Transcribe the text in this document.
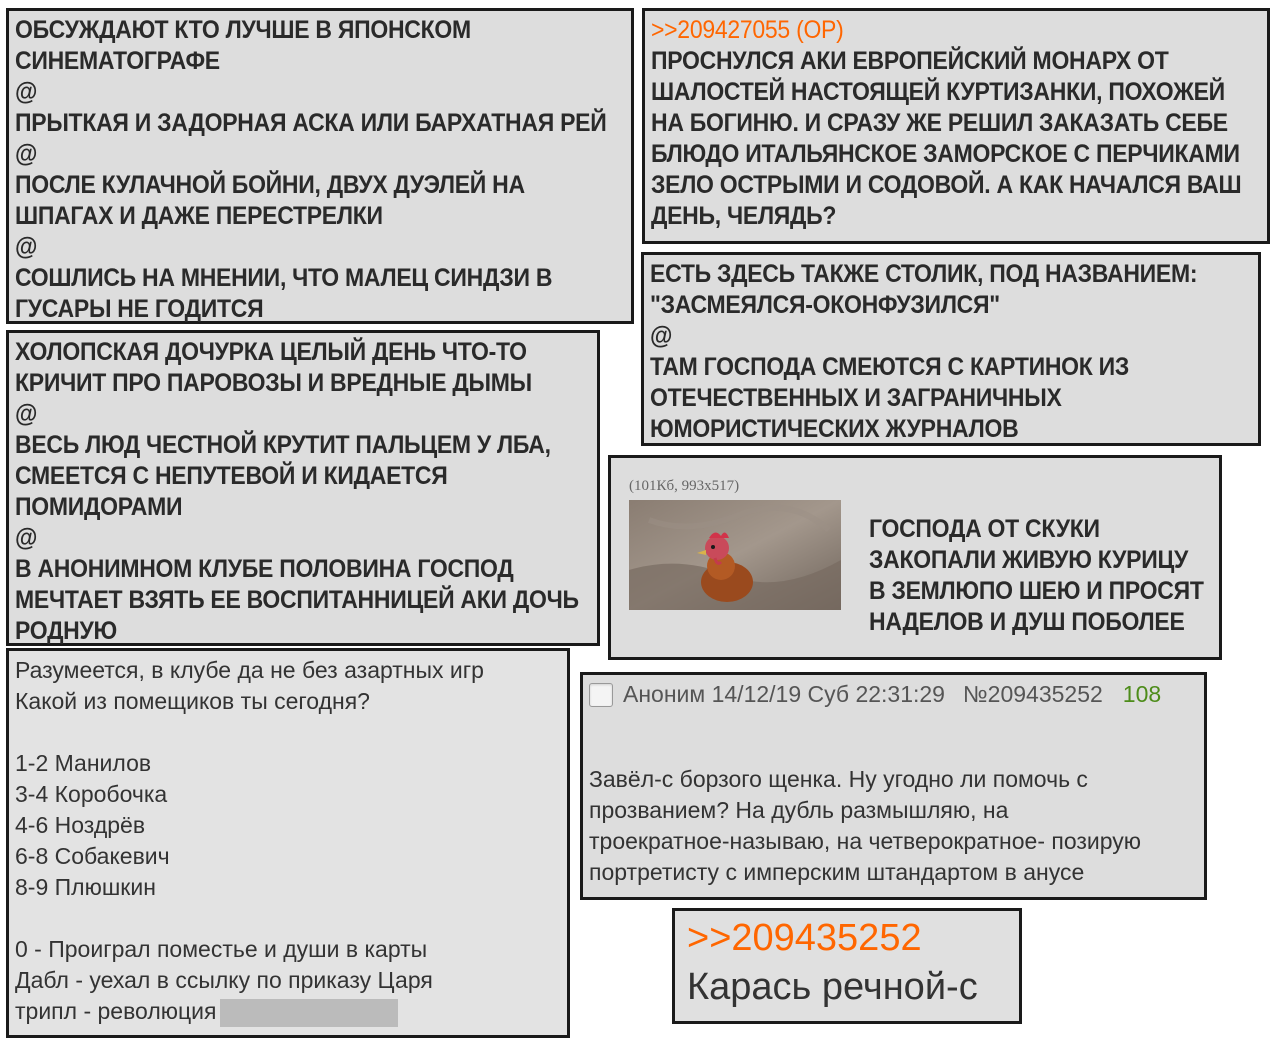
ОБСУЖДАЮТ КТО ЛУЧШЕ В ЯПОНСКОМ
СИНЕМАТОГРАФЕ
@
ПРЫТКАЯ И ЗАДОРНАЯ АСКА ИЛИ БАРХАТНАЯ РЕЙ
@
ПОСЛЕ КУЛАЧНОЙ БОЙНИ, ДВУХ ДУЭЛЕЙ НА
ШПАГАХ И ДАЖЕ ПЕРЕСТРЕЛКИ
@
СОШЛИСЬ НА МНЕНИИ, ЧТО МАЛЕЦ СИНДЗИ В
ГУСАРЫ НЕ ГОДИТСЯ
>>209427055 (OP)
ПРОСНУЛСЯ АКИ ЕВРОПЕЙСКИЙ МОНАРХ ОТ
ШАЛОСТЕЙ НАСТОЯЩЕЙ КУРТИЗАНКИ, ПОХОЖЕЙ
НА БОГИНЮ. И СРАЗУ ЖЕ РЕШИЛ ЗАКАЗАТЬ СЕБЕ
БЛЮДО ИТАЛЬЯНСКОЕ ЗАМОРСКОЕ С ПЕРЧИКАМИ
ЗЕЛО ОСТРЫМИ И СОДОВОЙ. А КАК НАЧАЛСЯ ВАШ
ДЕНЬ, ЧЕЛЯДЬ?
ЕСТЬ ЗДЕСЬ ТАКЖЕ СТОЛИК, ПОД НАЗВАНИЕМ:
"ЗАСМЕЯЛСЯ-ОКОНФУЗИЛСЯ"
@
ТАМ ГОСПОДА СМЕЮТСЯ С КАРТИНОК ИЗ
ОТЕЧЕСТВЕННЫХ И ЗАГРАНИЧНЫХ
ЮМОРИСТИЧЕСКИХ ЖУРНАЛОВ
ХОЛОПСКАЯ ДОЧУРКА ЦЕЛЫЙ ДЕНЬ ЧТО-ТО
КРИЧИТ ПРО ПАРОВОЗЫ И ВРЕДНЫЕ ДЫМЫ
@
ВЕСЬ ЛЮД ЧЕСТНОЙ КРУТИТ ПАЛЬЦЕМ У ЛБА,
СМЕЕТСЯ С НЕПУТЕВОЙ И КИДАЕТСЯ
ПОМИДОРАМИ
@
В АНОНИМНОМ КЛУБЕ ПОЛОВИНА ГОСПОД
МЕЧТАЕТ ВЗЯТЬ ЕЕ ВОСПИТАННИЦЕЙ АКИ ДОЧЬ
РОДНУЮ
(101Кб, 993x517)
ГОСПОДА ОТ СКУКИ
ЗАКОПАЛИ ЖИВУЮ КУРИЦУ
В ЗЕМЛЮПО ШЕЮ И ПРОСЯТ
НАДЕЛОВ И ДУШ ПОБОЛЕЕ
Разумеется, в клубе да не без азартных игр
Какой из помещиков ты сегодня?
1-2 Манилов
3-4 Коробочка
4-6 Ноздрёв
6-8 Собакевич
8-9 Плюшкин
0 - Проиграл поместье и души в карты
Дабл - уехал в ссылку по приказу Царя
трипл - революция
Аноним 14/12/19 Суб 22:31:29 №209435252 108
Завёл-с борзого щенка. Ну угодно ли помочь с
прозванием? На дубль размышляю, на
троекратное-называю, на четверократное- позирую
портретисту с имперским штандартом в анусе
>>209435252
Карась речной-с
